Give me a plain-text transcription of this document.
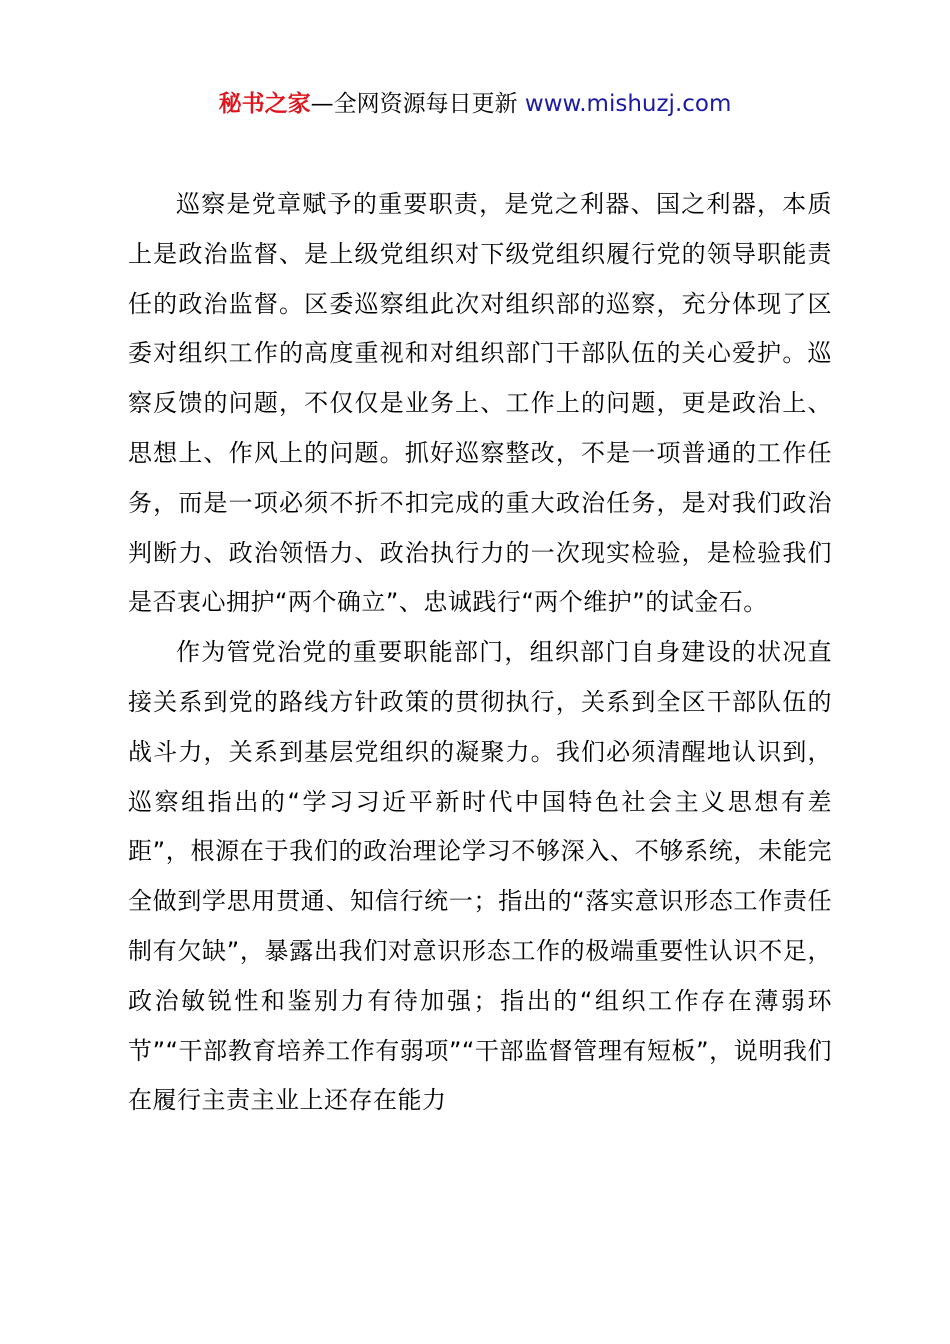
秘书之家—全网资源每日更新 www.mishuzj.com

巡察是党章赋予的重要职责，是党之利器、国之利器，本质上是政治监督、是上级党组织对下级党组织履行党的领导职能责任的政治监督。区委巡察组此次对组织部的巡察，充分体现了区委对组织工作的高度重视和对组织部门干部队伍的关心爱护。巡察反馈的问题，不仅仅是业务上、工作上的问题，更是政治上、思想上、作风上的问题。抓好巡察整改，不是一项普通的工作任务，而是一项必须不折不扣完成的重大政治任务，是对我们政治判断力、政治领悟力、政治执行力的一次现实检验，是检验我们是否衷心拥护“两个确立”、忠诚践行“两个维护”的试金石。

作为管党治党的重要职能部门，组织部门自身建设的状况直接关系到党的路线方针政策的贯彻执行，关系到全区干部队伍的战斗力，关系到基层党组织的凝聚力。我们必须清醒地认识到，巡察组指出的“学习习近平新时代中国特色社会主义思想有差距”，根源在于我们的政治理论学习不够深入、不够系统，未能完全做到学思用贯通、知信行统一；指出的“落实意识形态工作责任制有欠缺”，暴露出我们对意识形态工作的极端重要性认识不足，政治敏锐性和鉴别力有待加强；指出的“组织工作存在薄弱环节”“干部教育培养工作有弱项”“干部监督管理有短板”，说明我们在履行主责主业上还存在能力
